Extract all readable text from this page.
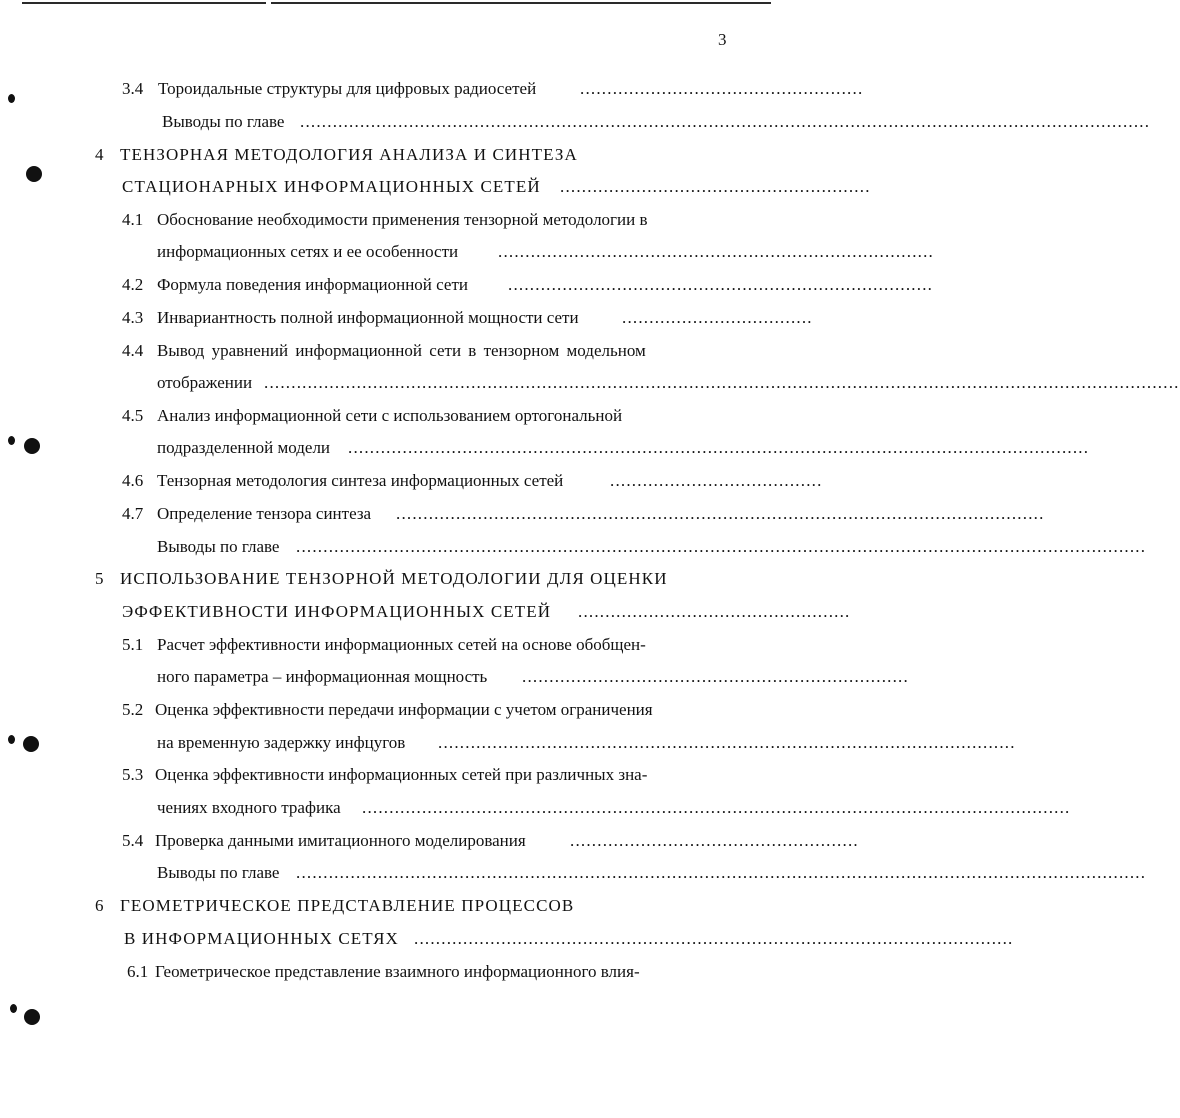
3
3.4 Тороидальные структуры для цифровых радиосетей	....................................................
Выводы по главе ............................................................................................................................................................
4 ТЕНЗОРНАЯ МЕТОДОЛОГИЯ АНАЛИЗА И СИНТЕЗА
СТАЦИОНАРНЫХ ИНФОРМАЦИОННЫХ СЕТЕЙ .........................................................
4.1 Обоснование необходимости применения тензорной методологии в
информационных сетях и ее особенности ................................................................................
4.2 Формула поведения информационной сети ..............................................................................
4.3 Инвариантность полной информационной мощности сети	...................................
4.4 Вывод уравнений информационной сети в тензорном модельном
отображении ........................................................................................................................................................................
4.5 Анализ информационной сети с использованием ортогональной
подразделенной модели ........................................................................................................................................
4.6 Тензорная методология синтеза информационных сетей	.......................................
4.7 Определение тензора синтеза .......................................................................................................................
Выводы по главе ............................................................................................................................................................
5 ИСПОЛЬЗОВАНИЕ ТЕНЗОРНОЙ МЕТОДОЛОГИИ ДЛЯ ОЦЕНКИ
ЭФФЕКТИВНОСТИ ИНФОРМАЦИОННЫХ СЕТЕЙ ..................................................
5.1 Расчет эффективности информационных сетей на основе обобщен-
ного параметра – информационная мощность .......................................................................
5.2 Оценка эффективности передачи информации с учетом ограничения
на временную задержку инфцугов ..........................................................................................................
5.3 Оценка эффективности информационных сетей при различных зна-
чениях входного трафика ..................................................................................................................................
5.4 Проверка данными имитационного моделирования	.....................................................
Выводы по главе ............................................................................................................................................................
6 ГЕОМЕТРИЧЕСКОЕ ПРЕДСТАВЛЕНИЕ ПРОЦЕССОВ
В ИНФОРМАЦИОННЫХ СЕТЯХ ..............................................................................................................
6.1 Геометрическое представление взаимного информационного влия-
